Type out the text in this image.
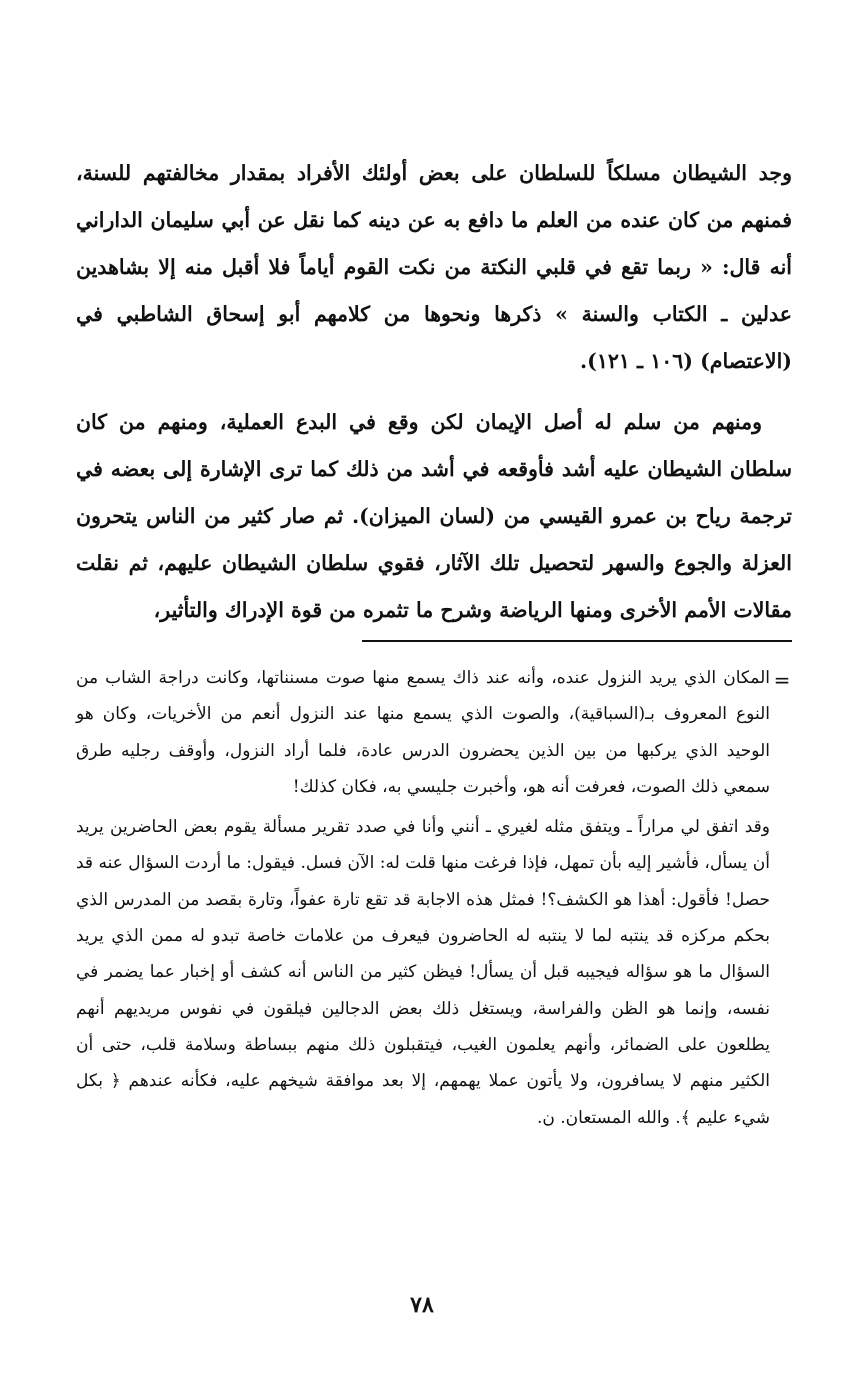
وجد الشيطان مسلكاً للسلطان على بعض أولئك الأفراد بمقدار مخالفتهم للسنة، فمنهم من كان عنده من العلم ما دافع به عن دينه كما نقل عن أبي سليمان الداراني أنه قال: « ربما تقع في قلبي النكتة من نكت القوم أياماً فلا أقبل منه إلا بشاهدين عدلين ـ الكتاب والسنة » ذكرها ونحوها من كلامهم أبو إسحاق الشاطبي في (الاعتصام) (١٠٦ ـ ١٢١).

ومنهم من سلم له أصل الإيمان لكن وقع في البدع العملية، ومنهم من كان سلطان الشيطان عليه أشد فأوقعه في أشد من ذلك كما ترى الإشارة إلى بعضه في ترجمة رياح بن عمرو القيسي من (لسان الميزان). ثم صار كثير من الناس يتحرون العزلة والجوع والسهر لتحصيل تلك الآثار، فقوي سلطان الشيطان عليهم، ثم نقلت مقالات الأمم الأخرى ومنها الرياضة وشرح ما تثمره من قوة الإدراك والتأثير،

=

المكان الذي يريد النزول عنده، وأنه عند ذاك يسمع منها صوت مسنناتها، وكانت دراجة الشاب من النوع المعروف بـ(السباقية)، والصوت الذي يسمع منها عند النزول أنعم من الأخريات، وكان هو الوحيد الذي يركبها من بين الذين يحضرون الدرس عادة، فلما أراد النزول، وأوقف رجليه طرق سمعي ذلك الصوت، فعرفت أنه هو، وأخبرت جليسي به، فكان كذلك!

وقد اتفق لي مراراً ـ ويتفق مثله لغيري ـ أنني وأنا في صدد تقرير مسألة يقوم بعض الحاضرين يريد أن يسأل، فأشير إليه بأن تمهل، فإذا فرغت منها قلت له: الآن فسل. فيقول: ما أردت السؤال عنه قد حصل! فأقول: أهذا هو الكشف؟! فمثل هذه الاجابة قد تقع تارة عفواً، وتارة بقصد من المدرس الذي بحكم مركزه قد ينتبه لما لا ينتبه له الحاضرون فيعرف من علامات خاصة تبدو له ممن الذي يريد السؤال ما هو سؤاله فيجيبه قبل أن يسأل! فيظن كثير من الناس أنه كشف أو إخبار عما يضمر في نفسه، وإنما هو الظن والفراسة، ويستغل ذلك بعض الدجالين فيلقون في نفوس مريديهم أنهم يطلعون على الضمائر، وأنهم يعلمون الغيب، فيتقبلون ذلك منهم ببساطة وسلامة قلب، حتى أن الكثير منهم لا يسافرون، ولا يأتون عملا يهمهم، إلا بعد موافقة شيخهم عليه، فكأنه عندهم ﴿ بكل شيء عليم ﴾. والله المستعان. ن.

٧٨
